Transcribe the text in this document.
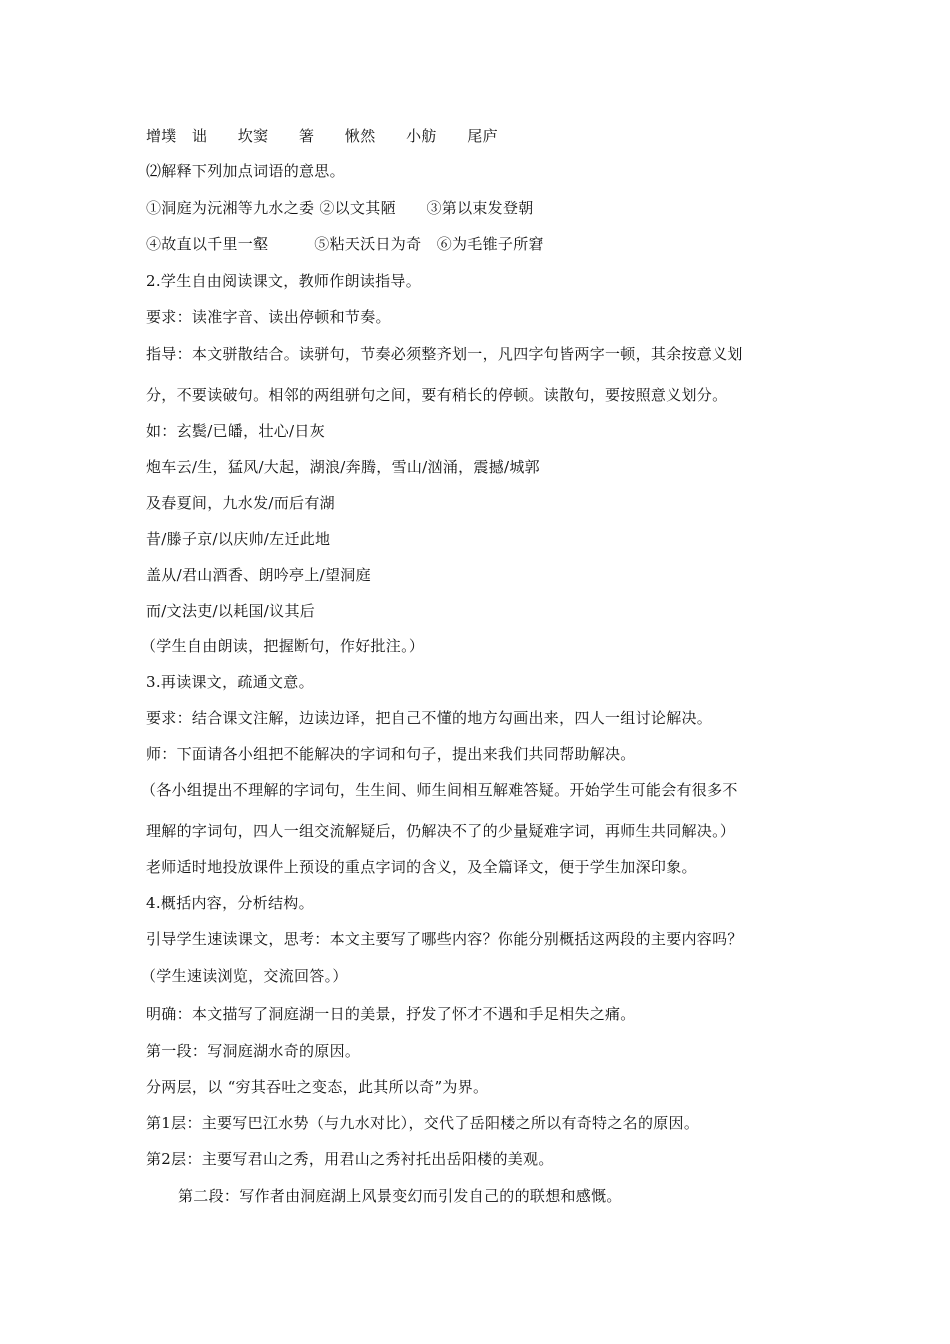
增墣　诎　　坎窦　　箸　　愀然　　小舫　　尾庐
⑵解释下列加点词语的意思。
①洞庭为沅湘等九水之委 ②以文其陋　　③第以束发登朝
④故直以千里一壑　　　⑤粘天沃日为奇　⑥为毛锥子所窘
2.学生自由阅读课文，教师作朗读指导。
要求：读准字音、读出停顿和节奏。
指导：本文骈散结合。读骈句，节奏必须整齐划一，凡四字句皆两字一顿，其余按意义划
分，不要读破句。相邻的两组骈句之间，要有稍长的停顿。读散句，要按照意义划分。
如：玄鬓/已皤，壮心/日灰
炮车云/生，猛风/大起，湖浪/奔腾，雪山/汹涌，震撼/城郭
及春夏间，九水发/而后有湖
昔/滕子京/以庆帅/左迁此地
盖从/君山酒香、朗吟亭上/望洞庭
而/文法吏/以耗国/议其后
（学生自由朗读，把握断句，作好批注。）
3.再读课文，疏通文意。
要求：结合课文注解，边读边译，把自己不懂的地方勾画出来，四人一组讨论解决。
师：下面请各小组把不能解决的字词和句子，提出来我们共同帮助解决。
（各小组提出不理解的字词句，生生间、师生间相互解难答疑。开始学生可能会有很多不
理解的字词句，四人一组交流解疑后，仍解决不了的少量疑难字词，再师生共同解决。）
老师适时地投放课件上预设的重点字词的含义，及全篇译文，便于学生加深印象。
4.概括内容，分析结构。
引导学生速读课文，思考：本文主要写了哪些内容？你能分别概括这两段的主要内容吗？
（学生速读浏览，交流回答。）
明确：本文描写了洞庭湖一日的美景，抒发了怀才不遇和手足相失之痛。
第一段：写洞庭湖水奇的原因。
分两层，以 “穷其吞吐之变态，此其所以奇”为界。
第1层：主要写巴江水势（与九水对比），交代了岳阳楼之所以有奇特之名的原因。
第2层：主要写君山之秀，用君山之秀衬托出岳阳楼的美观。
第二段：写作者由洞庭湖上风景变幻而引发自己的的联想和感慨。
